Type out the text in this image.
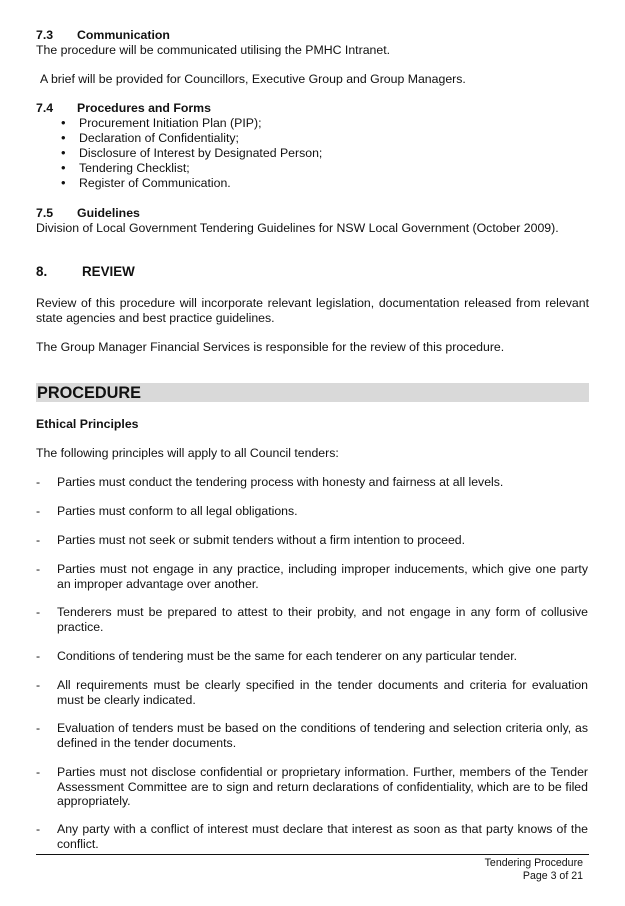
7.3 Communication
The procedure will be communicated utilising the PMHC Intranet.
A brief will be provided for Councillors, Executive Group and Group Managers.
7.4 Procedures and Forms
•	Procurement Initiation Plan (PIP);
•	Declaration of Confidentiality;
•	Disclosure of Interest by Designated Person;
•	Tendering Checklist;
•	Register of Communication.
7.5 Guidelines
Division of Local Government Tendering Guidelines for NSW Local Government (October 2009).
8.	REVIEW
Review of this procedure will incorporate relevant legislation, documentation released from relevant state agencies and best practice guidelines.
The Group Manager Financial Services is responsible for the review of this procedure.
PROCEDURE
Ethical Principles
The following principles will apply to all Council tenders:
- Parties must conduct the tendering process with honesty and fairness at all levels.
- Parties must conform to all legal obligations.
- Parties must not seek or submit tenders without a firm intention to proceed.
- Parties must not engage in any practice, including improper inducements, which give one party an improper advantage over another.
- Tenderers must be prepared to attest to their probity, and not engage in any form of collusive practice.
- Conditions of tendering must be the same for each tenderer on any particular tender.
- All requirements must be clearly specified in the tender documents and criteria for evaluation must be clearly indicated.
- Evaluation of tenders must be based on the conditions of tendering and selection criteria only, as defined in the tender documents.
- Parties must not disclose confidential or proprietary information. Further, members of the Tender Assessment Committee are to sign and return declarations of confidentiality, which are to be filed appropriately.
- Any party with a conflict of interest must declare that interest as soon as that party knows of the conflict.
Tendering Procedure
Page 3 of 21
